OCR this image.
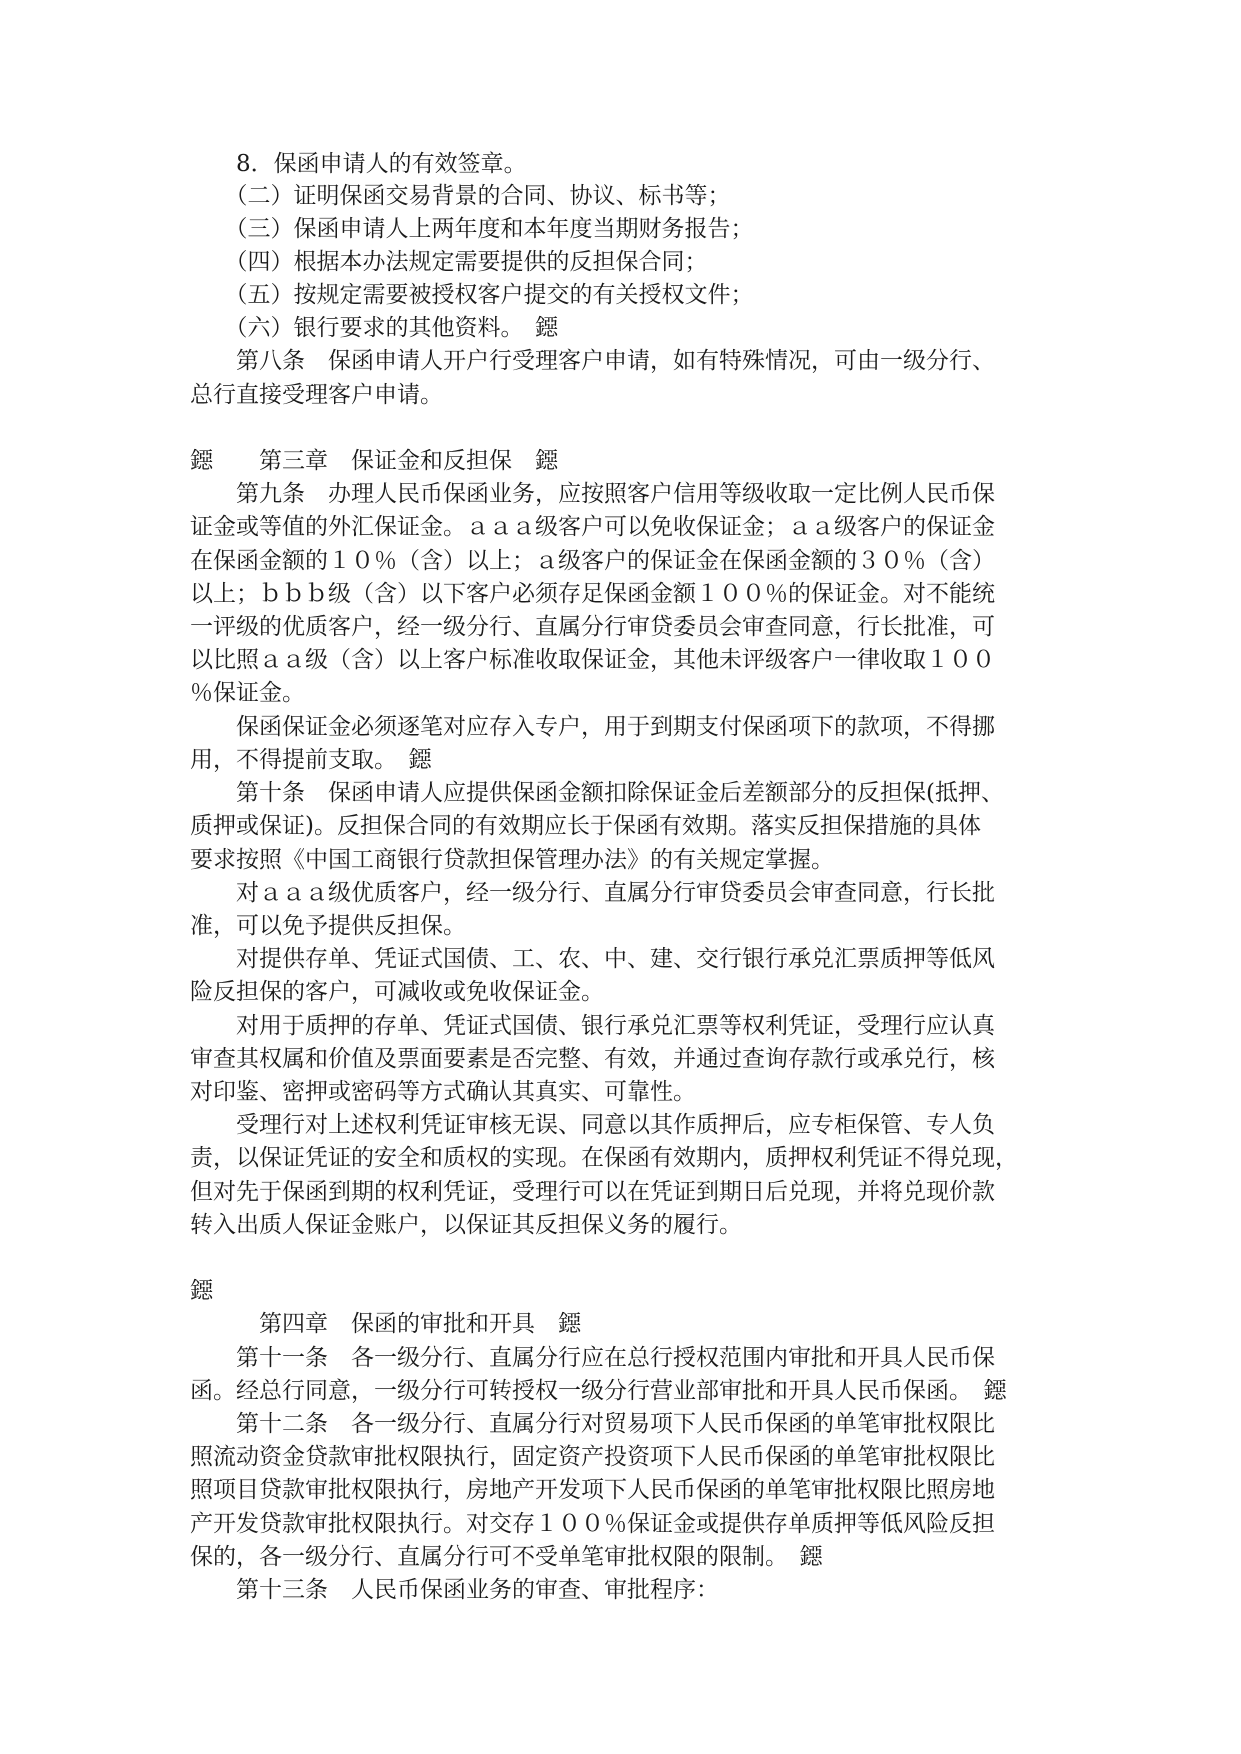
　　8．保函申请人的有效签章。
　　（二）证明保函交易背景的合同、协议、标书等；
　　（三）保函申请人上两年度和本年度当期财务报告；
　　（四）根据本办法规定需要提供的反担保合同；
　　（五）按规定需要被授权客户提交的有关授权文件；
　　（六）银行要求的其他资料。　鐚
　　第八条　保函申请人开户行受理客户申请，如有特殊情况，可由一级分行、
总行直接受理客户申请。
鐚　　第三章　保证金和反担保　鐚
　　第九条　办理人民币保函业务，应按照客户信用等级收取一定比例人民币保
证金或等值的外汇保证金。ａａａ级客户可以免收保证金；ａａ级客户的保证金
在保函金额的１０％（含）以上；ａ级客户的保证金在保函金额的３０％（含）
以上；ｂｂｂ级（含）以下客户必须存足保函金额１００％的保证金。对不能统
一评级的优质客户，经一级分行、直属分行审贷委员会审查同意，行长批准，可
以比照ａａ级（含）以上客户标准收取保证金，其他未评级客户一律收取１００
％保证金。
　　保函保证金必须逐笔对应存入专户，用于到期支付保函项下的款项，不得挪
用，不得提前支取。　鐚
　　第十条　保函申请人应提供保函金额扣除保证金后差额部分的反担保(抵押、
质押或保证)。反担保合同的有效期应长于保函有效期。落实反担保措施的具体
要求按照《中国工商银行贷款担保管理办法》的有关规定掌握。
　　对ａａａ级优质客户，经一级分行、直属分行审贷委员会审查同意，行长批
准，可以免予提供反担保。
　　对提供存单、凭证式国债、工、农、中、建、交行银行承兑汇票质押等低风
险反担保的客户，可减收或免收保证金。
　　对用于质押的存单、凭证式国债、银行承兑汇票等权利凭证，受理行应认真
审查其权属和价值及票面要素是否完整、有效，并通过查询存款行或承兑行，核
对印鉴、密押或密码等方式确认其真实、可靠性。
　　受理行对上述权利凭证审核无误、同意以其作质押后，应专柜保管、专人负
责，以保证凭证的安全和质权的实现。在保函有效期内，质押权利凭证不得兑现，
但对先于保函到期的权利凭证，受理行可以在凭证到期日后兑现，并将兑现价款
转入出质人保证金账户，以保证其反担保义务的履行。
鐚
　　　第四章　保函的审批和开具　鐚
　　第十一条　各一级分行、直属分行应在总行授权范围内审批和开具人民币保
函。经总行同意，一级分行可转授权一级分行营业部审批和开具人民币保函。　鐚
　　第十二条　各一级分行、直属分行对贸易项下人民币保函的单笔审批权限比
照流动资金贷款审批权限执行，固定资产投资项下人民币保函的单笔审批权限比
照项目贷款审批权限执行，房地产开发项下人民币保函的单笔审批权限比照房地
产开发贷款审批权限执行。对交存１００％保证金或提供存单质押等低风险反担
保的，各一级分行、直属分行可不受单笔审批权限的限制。　鐚
　　第十三条　人民币保函业务的审查、审批程序：
